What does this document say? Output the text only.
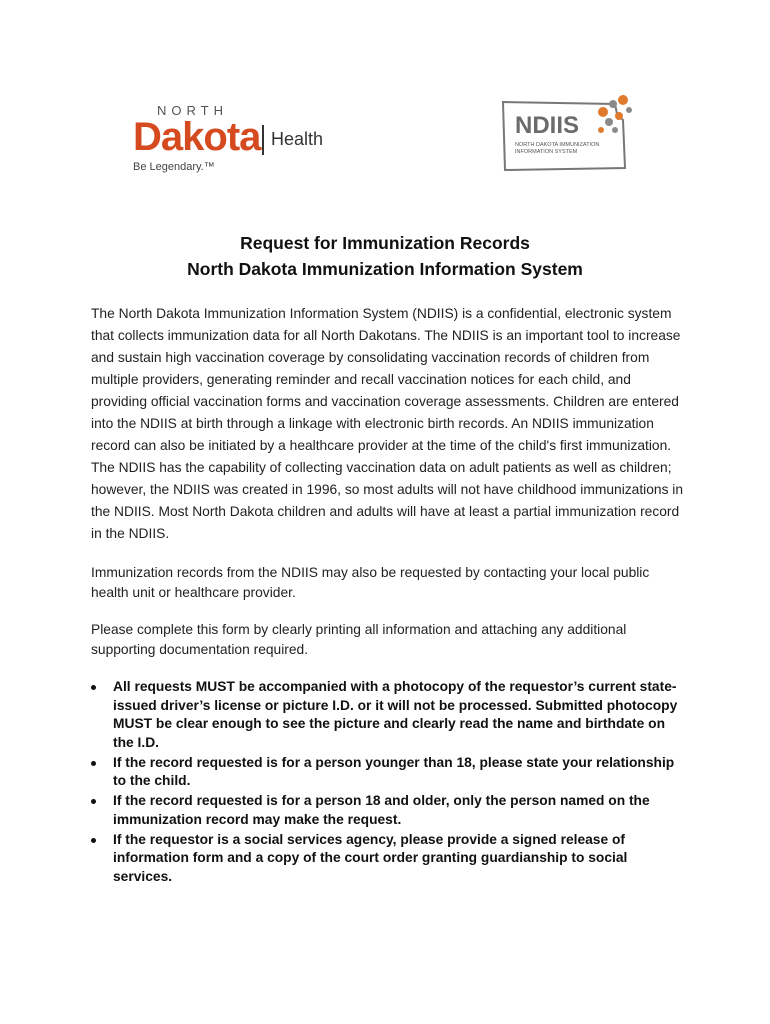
NORTH
Dakota Health
Be Legendary.™
NDIIS
NORTH DAKOTA IMMUNIZATION
INFORMATION SYSTEM
Request for Immunization Records
North Dakota Immunization Information System

The North Dakota Immunization Information System (NDIIS) is a confidential, electronic system that collects immunization data for all North Dakotans. The NDIIS is an important tool to increase and sustain high vaccination coverage by consolidating vaccination records of children from multiple providers, generating reminder and recall vaccination notices for each child, and providing official vaccination forms and vaccination coverage assessments. Children are entered into the NDIIS at birth through a linkage with electronic birth records. An NDIIS immunization record can also be initiated by a healthcare provider at the time of the child's first immunization. The NDIIS has the capability of collecting vaccination data on adult patients as well as children; however, the NDIIS was created in 1996, so most adults will not have childhood immunizations in the NDIIS. Most North Dakota children and adults will have at least a partial immunization record in the NDIIS.

Immunization records from the NDIIS may also be requested by contacting your local public health unit or healthcare provider.

Please complete this form by clearly printing all information and attaching any additional supporting documentation required.

All requests MUST be accompanied with a photocopy of the requestor’s current state-issued driver’s license or picture I.D. or it will not be processed. Submitted photocopy MUST be clear enough to see the picture and clearly read the name and birthdate on the I.D.
If the record requested is for a person younger than 18, please state your relationship to the child.
If the record requested is for a person 18 and older, only the person named on the immunization record may make the request.
If the requestor is a social services agency, please provide a signed release of information form and a copy of the court order granting guardianship to social services.
